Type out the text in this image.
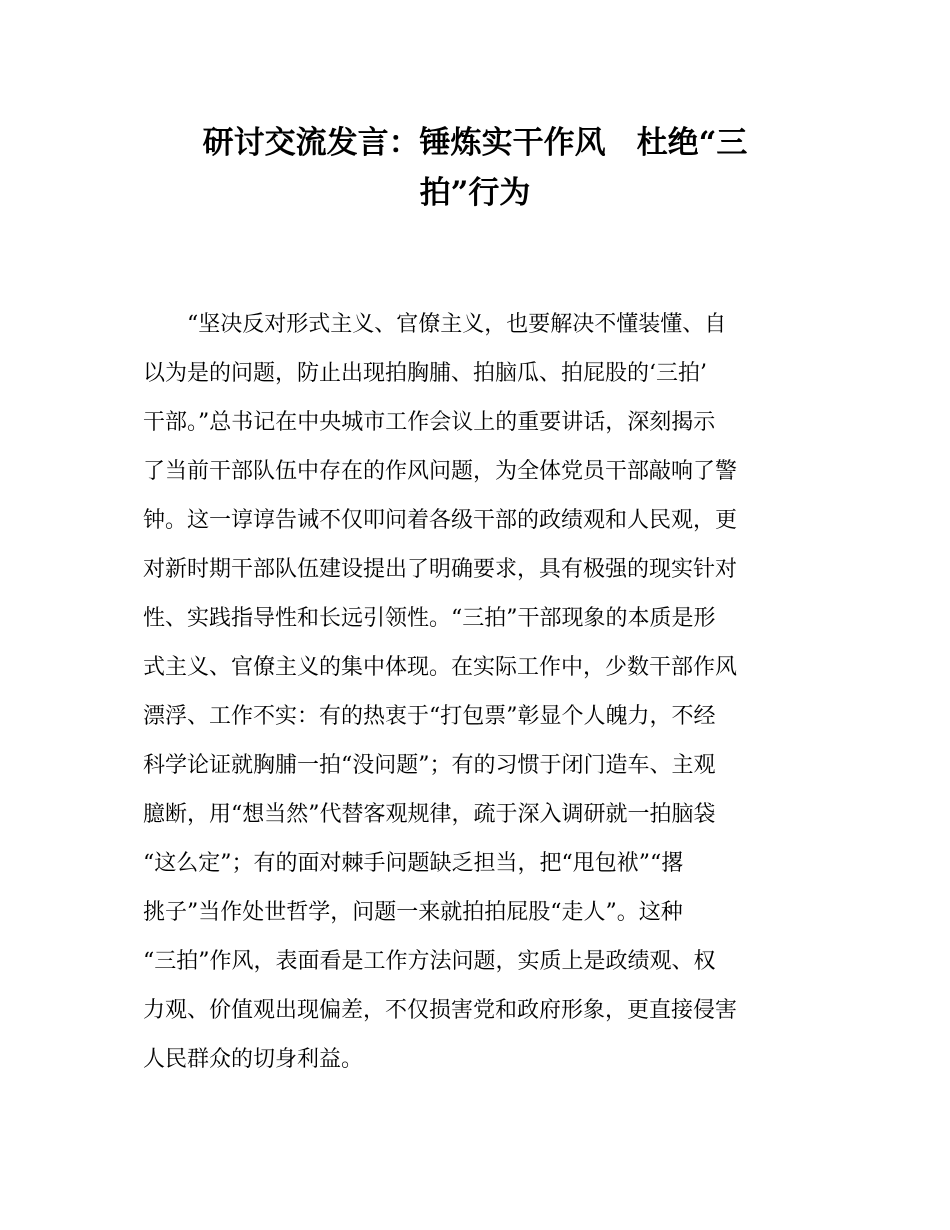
研讨交流发言：锤炼实干作风　杜绝“三
拍”行为
“坚决反对形式主义、官僚主义，也要解决不懂装懂、自
以为是的问题，防止出现拍胸脯、拍脑瓜、拍屁股的‘三拍’
干部。”总书记在中央城市工作会议上的重要讲话，深刻揭示
了当前干部队伍中存在的作风问题，为全体党员干部敲响了警
钟。这一谆谆告诫不仅叩问着各级干部的政绩观和人民观，更
对新时期干部队伍建设提出了明确要求，具有极强的现实针对
性、实践指导性和长远引领性。“三拍”干部现象的本质是形
式主义、官僚主义的集中体现。在实际工作中，少数干部作风
漂浮、工作不实：有的热衷于“打包票”彰显个人魄力，不经
科学论证就胸脯一拍“没问题”；有的习惯于闭门造车、主观
臆断，用“想当然”代替客观规律，疏于深入调研就一拍脑袋
“这么定”；有的面对棘手问题缺乏担当，把“甩包袱”“撂
挑子”当作处世哲学，问题一来就拍拍屁股“走人”。这种
“三拍”作风，表面看是工作方法问题，实质上是政绩观、权
力观、价值观出现偏差，不仅损害党和政府形象，更直接侵害
人民群众的切身利益。
